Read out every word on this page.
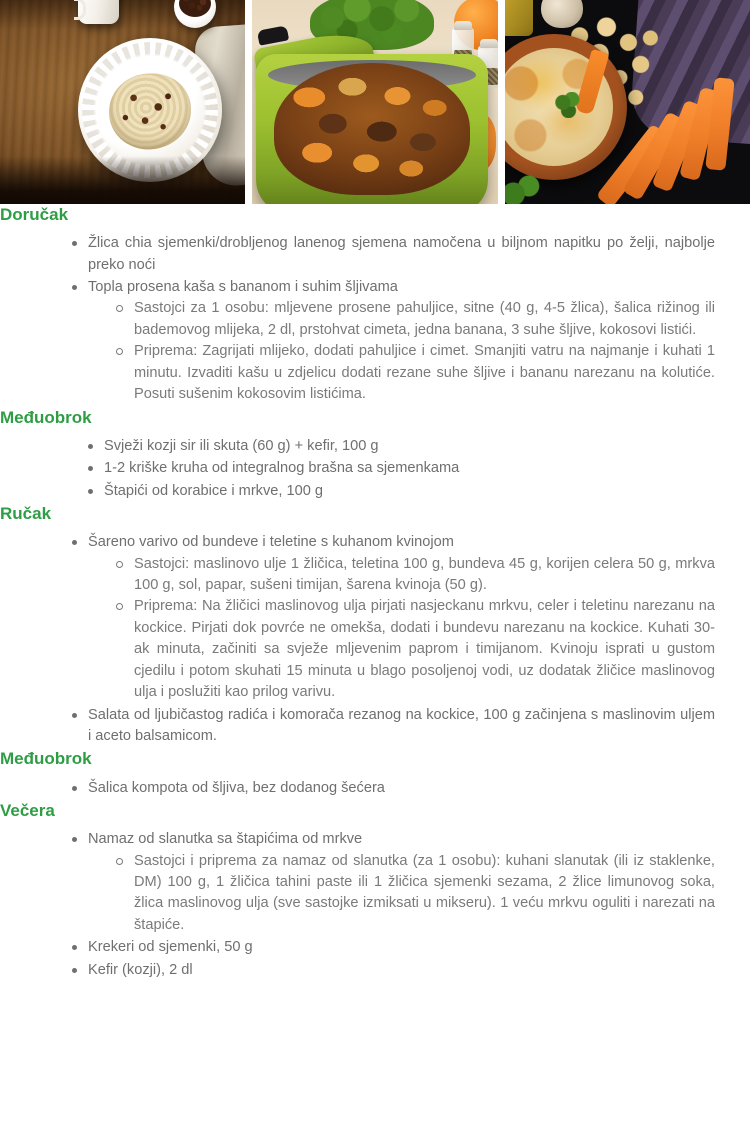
Doručak
Žlica chia sjemenki/drobljenog lanenog sjemena namočena u biljnom napitku po želji, najbolje preko noći
Topla prosena kaša s bananom i suhim šljivama
Sastojci za 1 osobu: mljevene prosene pahuljice, sitne (40 g, 4-5 žlica), šalica rižinog ili bademovog mlijeka, 2 dl, prstohvat cimeta, jedna banana, 3 suhe šljive, kokosovi listići.
Priprema: Zagrijati mlijeko, dodati pahuljice i cimet. Smanjiti vatru na najmanje i kuhati 1 minutu. Izvaditi kašu u zdjelicu dodati rezane suhe šljive i bananu narezanu na kolutiće. Posuti sušenim kokosovim listićima.
Međuobrok
Svježi kozji sir ili skuta (60 g) + kefir, 100 g
1-2 kriške kruha od integralnog brašna sa sjemenkama
Štapići od korabice i mrkve, 100 g
Ručak
Šareno varivo od bundeve i teletine s kuhanom kvinojom
Sastojci: maslinovo ulje 1 žličica, teletina 100 g, bundeva 45 g, korijen celera 50 g, mrkva 100 g, sol, papar, sušeni timijan, šarena kvinoja (50 g).
Priprema: Na žličici maslinovog ulja pirjati nasjeckanu mrkvu, celer i teletinu narezanu na kockice. Pirjati dok povrće ne omekša, dodati i bundevu narezanu na kockice. Kuhati 30-ak minuta, začiniti sa svježe mljevenim paprom i timijanom. Kvinoju isprati u gustom cjedilu i potom skuhati 15 minuta u blago posoljenoj vodi, uz dodatak žličice maslinovog ulja i poslužiti kao prilog varivu.
Salata od ljubičastog radića i komorača rezanog na kockice, 100 g začinjena s maslinovim uljem i aceto balsamicom.
Međuobrok
Šalica kompota od šljiva, bez dodanog šećera
Večera
Namaz od slanutka sa štapićima od mrkve
Sastojci i priprema za namaz od slanutka (za 1 osobu): kuhani slanutak (ili iz staklenke, DM) 100 g, 1 žličica tahini paste ili 1 žličica sjemenki sezama, 2 žlice limunovog soka, žlica maslinovog ulja (sve sastojke izmiksati u mikseru). 1 veću mrkvu oguliti i narezati na štapiće.
Krekeri od sjemenki, 50 g
Kefir (kozji), 2 dl
